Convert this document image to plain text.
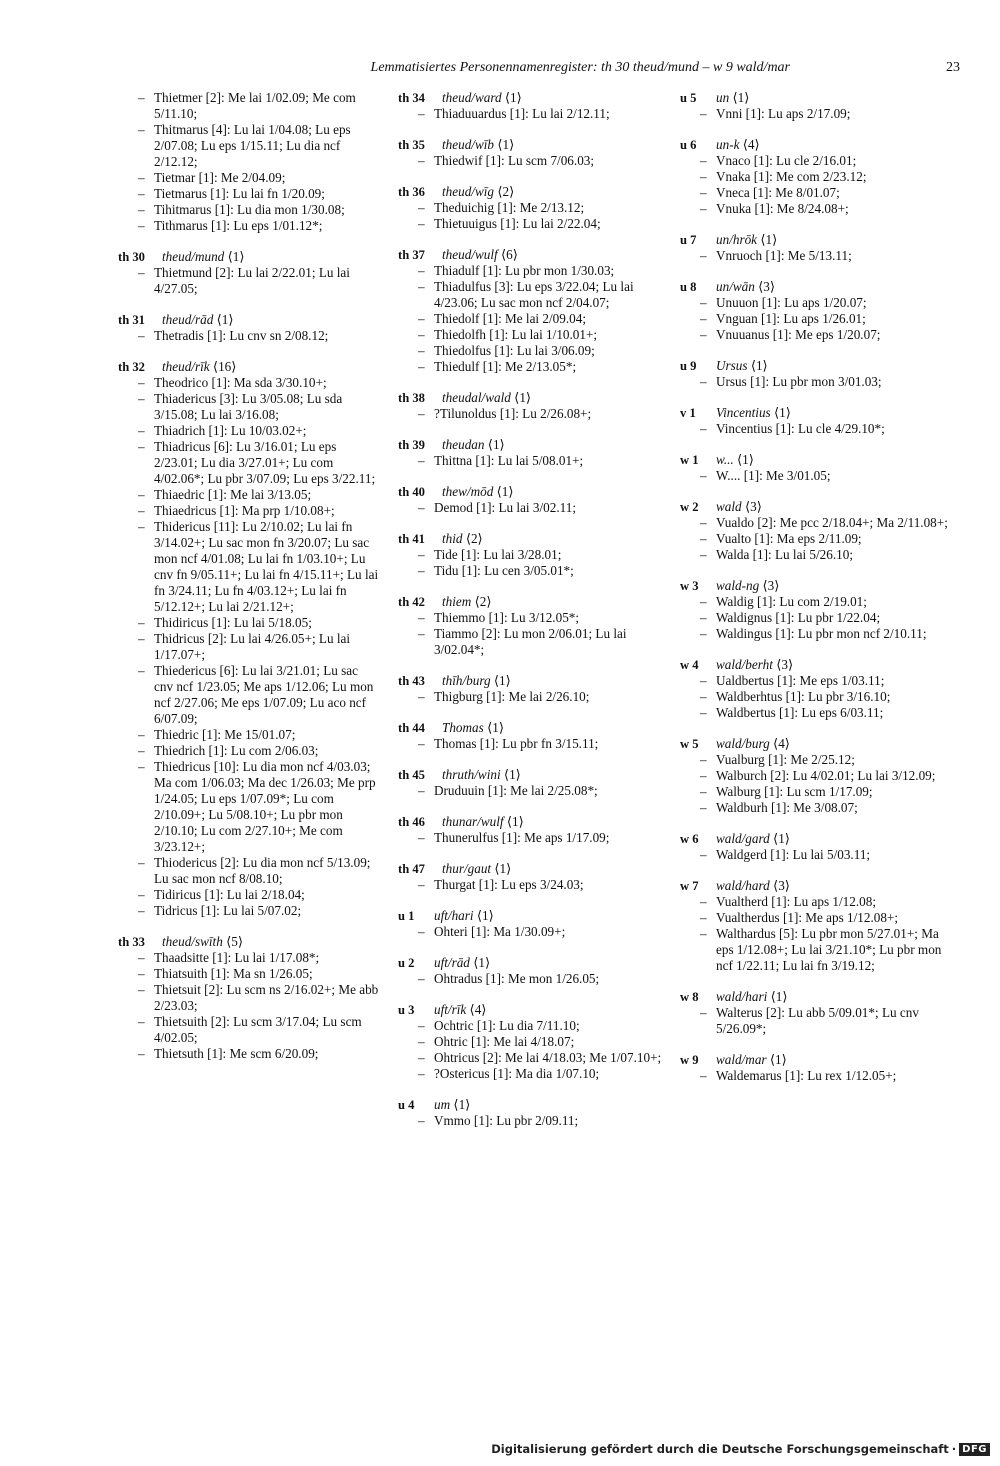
Lemmatisiertes Personennamenregister: th 30 theud/mund – w 9 wald/mar	23
– Thietmer [2]: Me lai 1/02.09; Me com 5/11.10;
– Thitmarus [4]: Lu lai 1/04.08; Lu eps 2/07.08; Lu eps 1/15.11; Lu dia ncf 2/12.12;
– Tietmar [1]: Me 2/04.09;
– Tietmarus [1]: Lu lai fn 1/20.09;
– Tihitmarus [1]: Lu dia mon 1/30.08;
– Tithmarus [1]: Lu eps 1/01.12*;
th 30 theud/mund ⟨1⟩
– Thietmund [2]: Lu lai 2/22.01; Lu lai 4/27.05;
th 31 theud/rād ⟨1⟩
– Thetradis [1]: Lu cnv sn 2/08.12;
th 32 theud/rīk ⟨16⟩
– Theodrico [1]: Ma sda 3/30.10+;
– Thiadericus [3]: Lu 3/05.08; Lu sda 3/15.08; Lu lai 3/16.08;
– Thiadrich [1]: Lu 10/03.02+;
– Thiadricus [6]: Lu 3/16.01; Lu eps 2/23.01; Lu dia 3/27.01+; Lu com 4/02.06*; Lu pbr 3/07.09; Lu eps 3/22.11;
– Thiaedric [1]: Me lai 3/13.05;
– Thiaedricus [1]: Ma prp 1/10.08+;
– Thidericus [11]: Lu 2/10.02; Lu lai fn 3/14.02+; Lu sac mon fn 3/20.07; Lu sac mon ncf 4/01.08; Lu lai fn 1/03.10+; Lu cnv fn 9/05.11+; Lu lai fn 4/15.11+; Lu lai fn 3/24.11; Lu fn 4/03.12+; Lu lai fn 5/12.12+; Lu lai 2/21.12+;
– Thidiricus [1]: Lu lai 5/18.05;
– Thidricus [2]: Lu lai 4/26.05+; Lu lai 1/17.07+;
– Thiedericus [6]: Lu lai 3/21.01; Lu sac cnv ncf 1/23.05; Me aps 1/12.06; Lu mon ncf 2/27.06; Me eps 1/07.09; Lu aco ncf 6/07.09;
– Thiedric [1]: Me 15/01.07;
– Thiedrich [1]: Lu com 2/06.03;
– Thiedricus [10]: Lu dia mon ncf 4/03.03; Ma com 1/06.03; Ma dec 1/26.03; Me prp 1/24.05; Lu eps 1/07.09*; Lu com 2/10.09+; Lu 5/08.10+; Lu pbr mon 2/10.10; Lu com 2/27.10+; Me com 3/23.12+;
– Thiodericus [2]: Lu dia mon ncf 5/13.09; Lu sac mon ncf 8/08.10;
– Tidiricus [1]: Lu lai 2/18.04;
– Tidricus [1]: Lu lai 5/07.02;
th 33 theud/swīth ⟨5⟩
– Thaadsitte [1]: Lu lai 1/17.08*;
– Thiatsuith [1]: Ma sn 1/26.05;
– Thietsuit [2]: Lu scm ns 2/16.02+; Me abb 2/23.03;
– Thietsuith [2]: Lu scm 3/17.04; Lu scm 4/02.05;
– Thietsuth [1]: Me scm 6/20.09;
th 34 theud/ward ⟨1⟩
– Thiaduuardus [1]: Lu lai 2/12.11;
th 35 theud/wīb ⟨1⟩
– Thiedwif [1]: Lu scm 7/06.03;
th 36 theud/wīg ⟨2⟩
– Theduichig [1]: Me 2/13.12;
– Thietuuigus [1]: Lu lai 2/22.04;
th 37 theud/wulf ⟨6⟩
– Thiadulf [1]: Lu pbr mon 1/30.03;
– Thiadulfus [3]: Lu eps 3/22.04; Lu lai 4/23.06; Lu sac mon ncf 2/04.07;
– Thiedolf [1]: Me lai 2/09.04;
– Thiedolfh [1]: Lu lai 1/10.01+;
– Thiedolfus [1]: Lu lai 3/06.09;
– Thiedulf [1]: Me 2/13.05*;
th 38 theudal/wald ⟨1⟩
– ?Tilunoldus [1]: Lu 2/26.08+;
th 39 theudan ⟨1⟩
– Thittna [1]: Lu lai 5/08.01+;
th 40 thew/mōd ⟨1⟩
– Demod [1]: Lu lai 3/02.11;
th 41 thid ⟨2⟩
– Tide [1]: Lu lai 3/28.01;
– Tidu [1]: Lu cen 3/05.01*;
th 42 thiem ⟨2⟩
– Thiemmo [1]: Lu 3/12.05*;
– Tiammo [2]: Lu mon 2/06.01; Lu lai 3/02.04*;
th 43 thīh/burg ⟨1⟩
– Thigburg [1]: Me lai 2/26.10;
th 44 Thomas ⟨1⟩
– Thomas [1]: Lu pbr fn 3/15.11;
th 45 thruth/wini ⟨1⟩
– Druduuin [1]: Me lai 2/25.08*;
th 46 thunar/wulf ⟨1⟩
– Thunerulfus [1]: Me aps 1/17.09;
th 47 thur/gaut ⟨1⟩
– Thurgat [1]: Lu eps 3/24.03;
u 1 uft/hari ⟨1⟩
– Ohteri [1]: Ma 1/30.09+;
u 2 uft/rād ⟨1⟩
– Ohtradus [1]: Me mon 1/26.05;
u 3 uft/rīk ⟨4⟩
– Ochtric [1]: Lu dia 7/11.10;
– Ohtric [1]: Me lai 4/18.07;
– Ohtricus [2]: Me lai 4/18.03; Me 1/07.10+;
– ?Ostericus [1]: Ma dia 1/07.10;
u 4 um ⟨1⟩
– Vmmo [1]: Lu pbr 2/09.11;
u 5 un ⟨1⟩
– Vnni [1]: Lu aps 2/17.09;
u 6 un-k ⟨4⟩
– Vnaco [1]: Lu cle 2/16.01;
– Vnaka [1]: Me com 2/23.12;
– Vneca [1]: Me 8/01.07;
– Vnuka [1]: Me 8/24.08+;
u 7 un/hrōk ⟨1⟩
– Vnruoch [1]: Me 5/13.11;
u 8 un/wān ⟨3⟩
– Unuuon [1]: Lu aps 1/20.07;
– Vnguan [1]: Lu aps 1/26.01;
– Vnuuanus [1]: Me eps 1/20.07;
u 9 Ursus ⟨1⟩
– Ursus [1]: Lu pbr mon 3/01.03;
v 1 Vincentius ⟨1⟩
– Vincentius [1]: Lu cle 4/29.10*;
w 1 w... ⟨1⟩
– W.... [1]: Me 3/01.05;
w 2 wald ⟨3⟩
– Vualdo [2]: Me pcc 2/18.04+; Ma 2/11.08+;
– Vualto [1]: Ma eps 2/11.09;
– Walda [1]: Lu lai 5/26.10;
w 3 wald-ng ⟨3⟩
– Waldig [1]: Lu com 2/19.01;
– Waldignus [1]: Lu pbr 1/22.04;
– Waldingus [1]: Lu pbr mon ncf 2/10.11;
w 4 wald/berht ⟨3⟩
– Ualdbertus [1]: Me eps 1/03.11;
– Waldberhtus [1]: Lu pbr 3/16.10;
– Waldbertus [1]: Lu eps 6/03.11;
w 5 wald/burg ⟨4⟩
– Vualburg [1]: Me 2/25.12;
– Walburch [2]: Lu 4/02.01; Lu lai 3/12.09;
– Walburg [1]: Lu scm 1/17.09;
– Waldburh [1]: Me 3/08.07;
w 6 wald/gard ⟨1⟩
– Waldgerd [1]: Lu lai 5/03.11;
w 7 wald/hard ⟨3⟩
– Vualtherd [1]: Lu aps 1/12.08;
– Vualtherdus [1]: Me aps 1/12.08+;
– Walthardus [5]: Lu pbr mon 5/27.01+; Ma eps 1/12.08+; Lu lai 3/21.10*; Lu pbr mon ncf 1/22.11; Lu lai fn 3/19.12;
w 8 wald/hari ⟨1⟩
– Walterus [2]: Lu abb 5/09.01*; Lu cnv 5/26.09*;
w 9 wald/mar ⟨1⟩
– Waldemarus [1]: Lu rex 1/12.05+;
Digitalisierung gefördert durch die Deutsche Forschungsgemeinschaft · DFG
